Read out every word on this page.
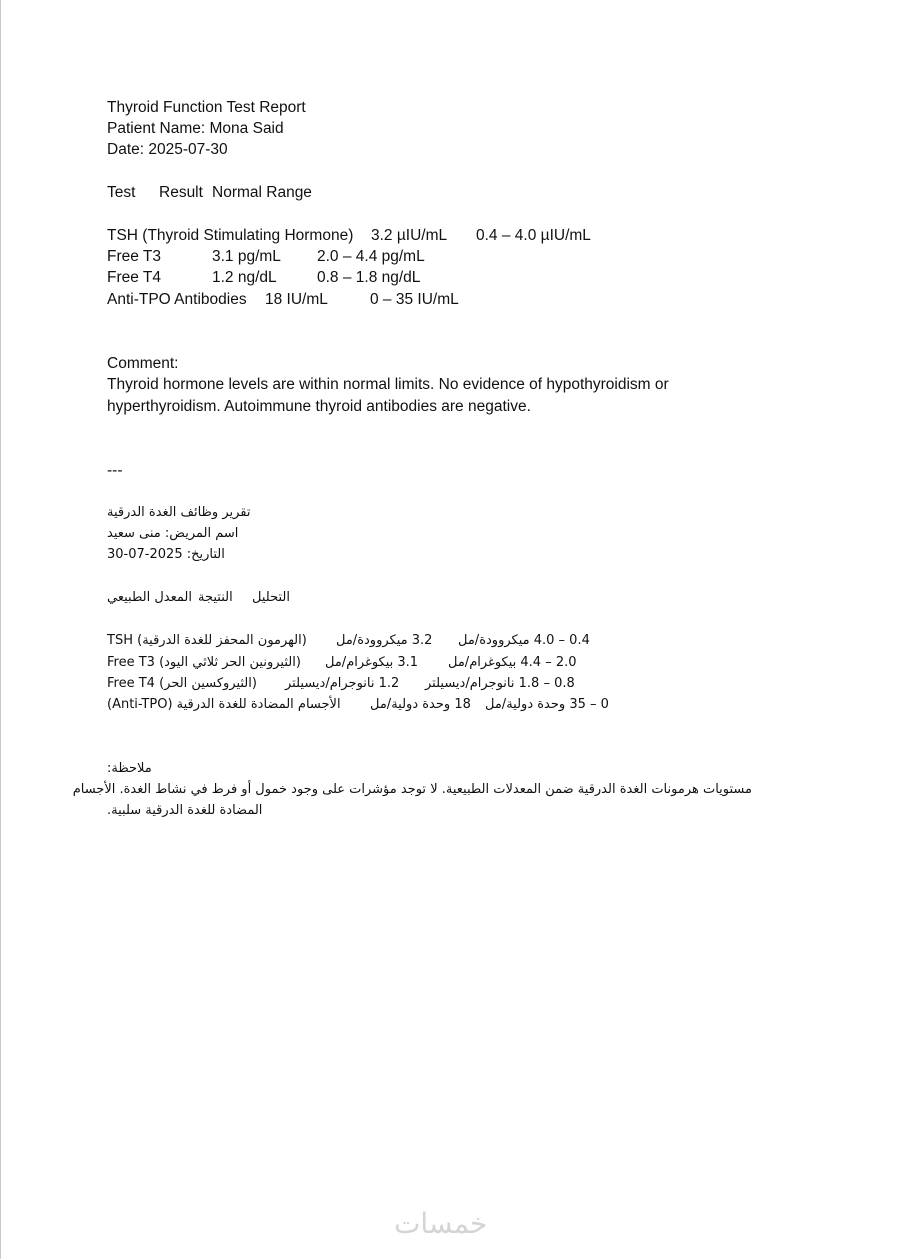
Thyroid Function Test Report

Patient Name: Mona Said

Date: 2025-07-30

Test Result Normal Range
TSH (Thyroid Stimulating Hormone) 3.2 µIU/mL 0.4 – 4.0 µIU/mL
Free T3	3.1 pg/mL 2.0 – 4.4 pg/mL
Free T4	1.2 ng/dL	0.8 – 1.8 ng/dL
Anti-TPO Antibodies 18 IU/mL	0 – 35 IU/mL

Comment:

Thyroid hormone levels are within normal limits. No evidence of hypothyroidism or

hyperthyroidism. Autoimmune thyroid antibodies are negative.

---

تقرير وظائف الغدة الدرقية

اسم المريض: منى سعيد

التاريخ: 2025-07-30

المعدل الطبيعي النتيجة التحليل
TSH (الهرمون المحفز للغدة الدرقية) 3.2 ميكروودة/مل 0.4 – 4.0 ميكروودة/مل
Free T3 (الثيرونين الحر ثلاثي اليود) 3.1 بيكوغرام/مل 2.0 – 4.4 بيكوغرام/مل
Free T4 (الثيروكسين الحر) 1.2 نانوجرام/ديسيلتر 0.8 – 1.8 نانوجرام/ديسيلتر
الأجسام المضادة للغدة الدرقية (Anti-TPO) 18 وحدة دولية/مل 0 – 35 وحدة دولية/مل

ملاحظة:

مستويات هرمونات الغدة الدرقية ضمن المعدلات الطبيعية. لا توجد مؤشرات على وجود خمول أو فرط في نشاط الغدة. الأجسام

المضادة للغدة الدرقية سلبية.

خمسات
